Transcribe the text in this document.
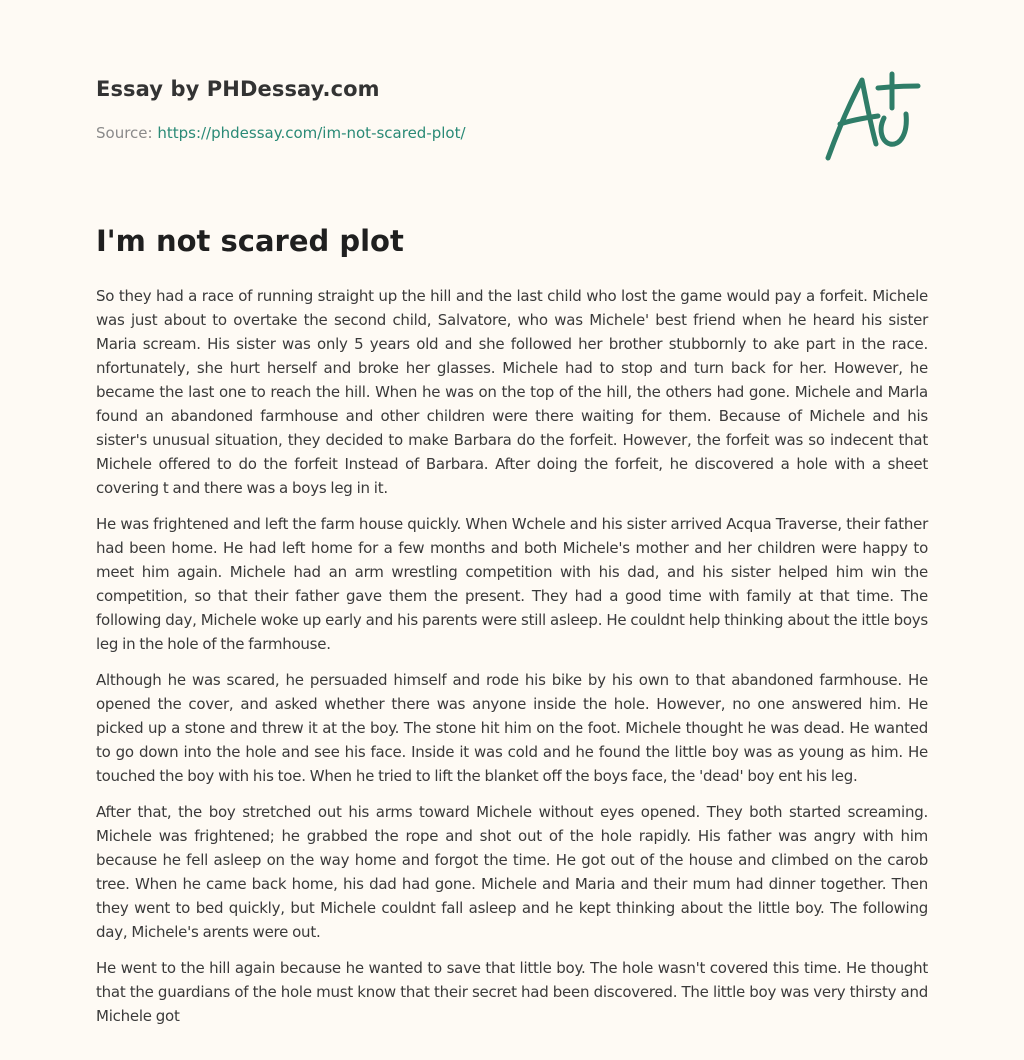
Essay by PHDessay.com
Source: https://phdessay.com/im-not-scared-plot/
I'm not scared plot

So they had a race of running straight up the hill and the last child who lost the game would pay a forfeit. Michele was just about to overtake the second child, Salvatore, who was Michele' best friend when he heard his sister Maria scream. His sister was only 5 years old and she followed her brother stubbornly to ake part in the race. nfortunately, she hurt herself and broke her glasses. Michele had to stop and turn back for her. However, he became the last one to reach the hill. When he was on the top of the hill, the others had gone. Michele and Marla found an abandoned farmhouse and other children were there waiting for them. Because of Michele and his sister's unusual situation, they decided to make Barbara do the forfeit. However, the forfeit was so indecent that Michele offered to do the forfeit Instead of Barbara. After doing the forfeit, he discovered a hole with a sheet covering t and there was a boys leg in it.

He was frightened and left the farm house quickly. When Wchele and his sister arrived Acqua Traverse, their father had been home. He had left home for a few months and both Michele's mother and her children were happy to meet him again. Michele had an arm wrestling competition with his dad, and his sister helped him win the competition, so that their father gave them the present. They had a good time with family at that time. The following day, Michele woke up early and his parents were still asleep. He couldnt help thinking about the ittle boys leg in the hole of the farmhouse.

Although he was scared, he persuaded himself and rode his bike by his own to that abandoned farmhouse. He opened the cover, and asked whether there was anyone inside the hole. However, no one answered him. He picked up a stone and threw it at the boy. The stone hit him on the foot. Michele thought he was dead. He wanted to go down into the hole and see his face. Inside it was cold and he found the little boy was as young as him. He touched the boy with his toe. When he tried to lift the blanket off the boys face, the 'dead' boy ent his leg.

After that, the boy stretched out his arms toward Michele without eyes opened. They both started screaming. Michele was frightened; he grabbed the rope and shot out of the hole rapidly. His father was angry with him because he fell asleep on the way home and forgot the time. He got out of the house and climbed on the carob tree. When he came back home, his dad had gone. Michele and Maria and their mum had dinner together. Then they went to bed quickly, but Michele couldnt fall asleep and he kept thinking about the little boy. The following day, Michele's arents were out.

He went to the hill again because he wanted to save that little boy. The hole wasn't covered this time. He thought that the guardians of the hole must know that their secret had been discovered. The little boy was very thirsty and Michele got
